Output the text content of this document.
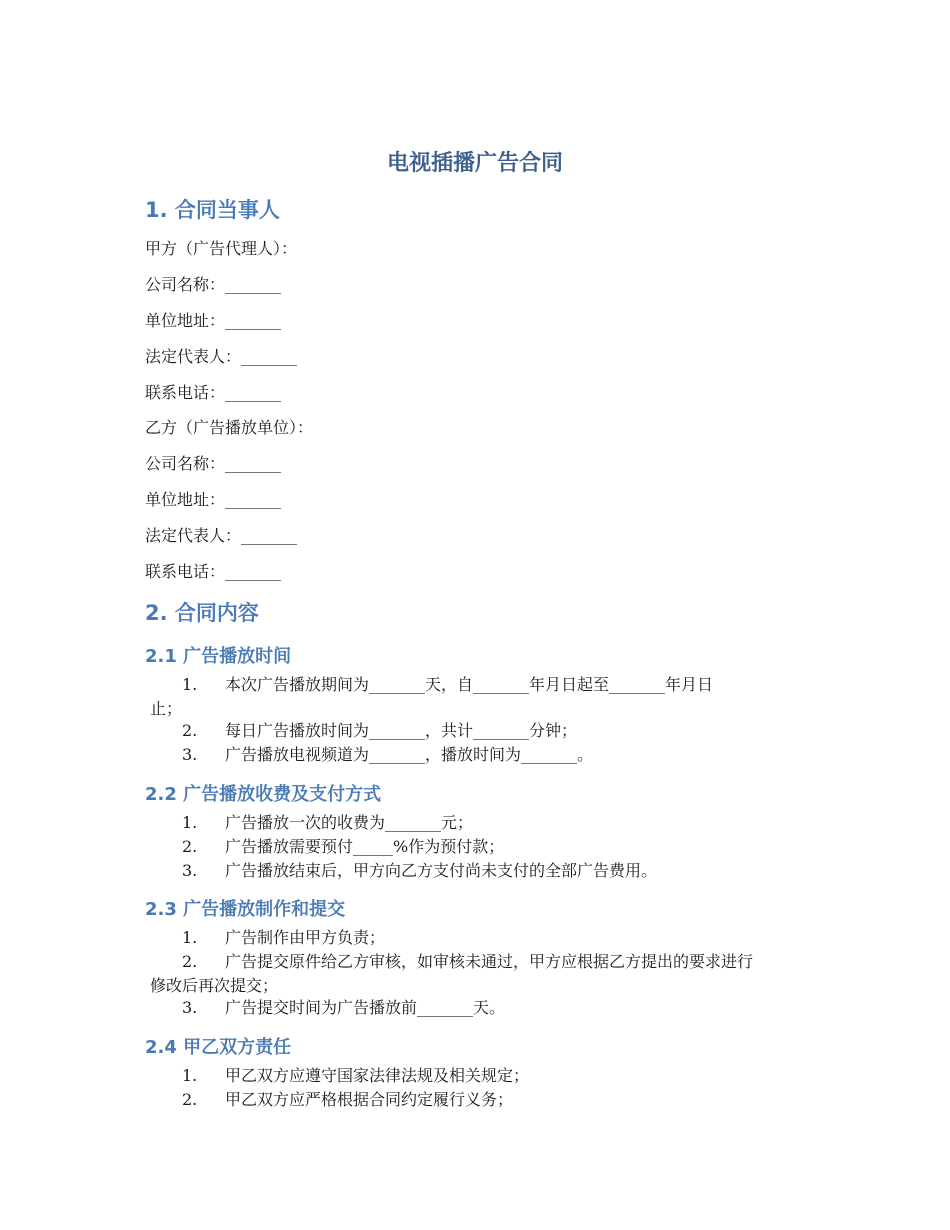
电视插播广告合同
1. 合同当事人

甲方（广告代理人）：

公司名称：_______

单位地址：_______

法定代表人：_______

联系电话：_______

乙方（广告播放单位）：

公司名称：_______

单位地址：_______

法定代表人：_______

联系电话：_______

2. 合同内容
2.1 广告播放时间
1.	本次广告播放期间为_______天，自_______年月日起至_______年月日
止；
2.	每日广告播放时间为_______，共计_______分钟；
3.	广告播放电视频道为_______，播放时间为_______。
2.2 广告播放收费及支付方式
1.	广告播放一次的收费为_______元；
2.	广告播放需要预付_____%作为预付款；
3.	广告播放结束后，甲方向乙方支付尚未支付的全部广告费用。
2.3 广告播放制作和提交
1.	广告制作由甲方负责；
2.	广告提交原件给乙方审核，如审核未通过，甲方应根据乙方提出的要求进行
修改后再次提交；
3.	广告提交时间为广告播放前_______天。
2.4 甲乙双方责任
1.	甲乙双方应遵守国家法律法规及相关规定；
2.	甲乙双方应严格根据合同约定履行义务；
